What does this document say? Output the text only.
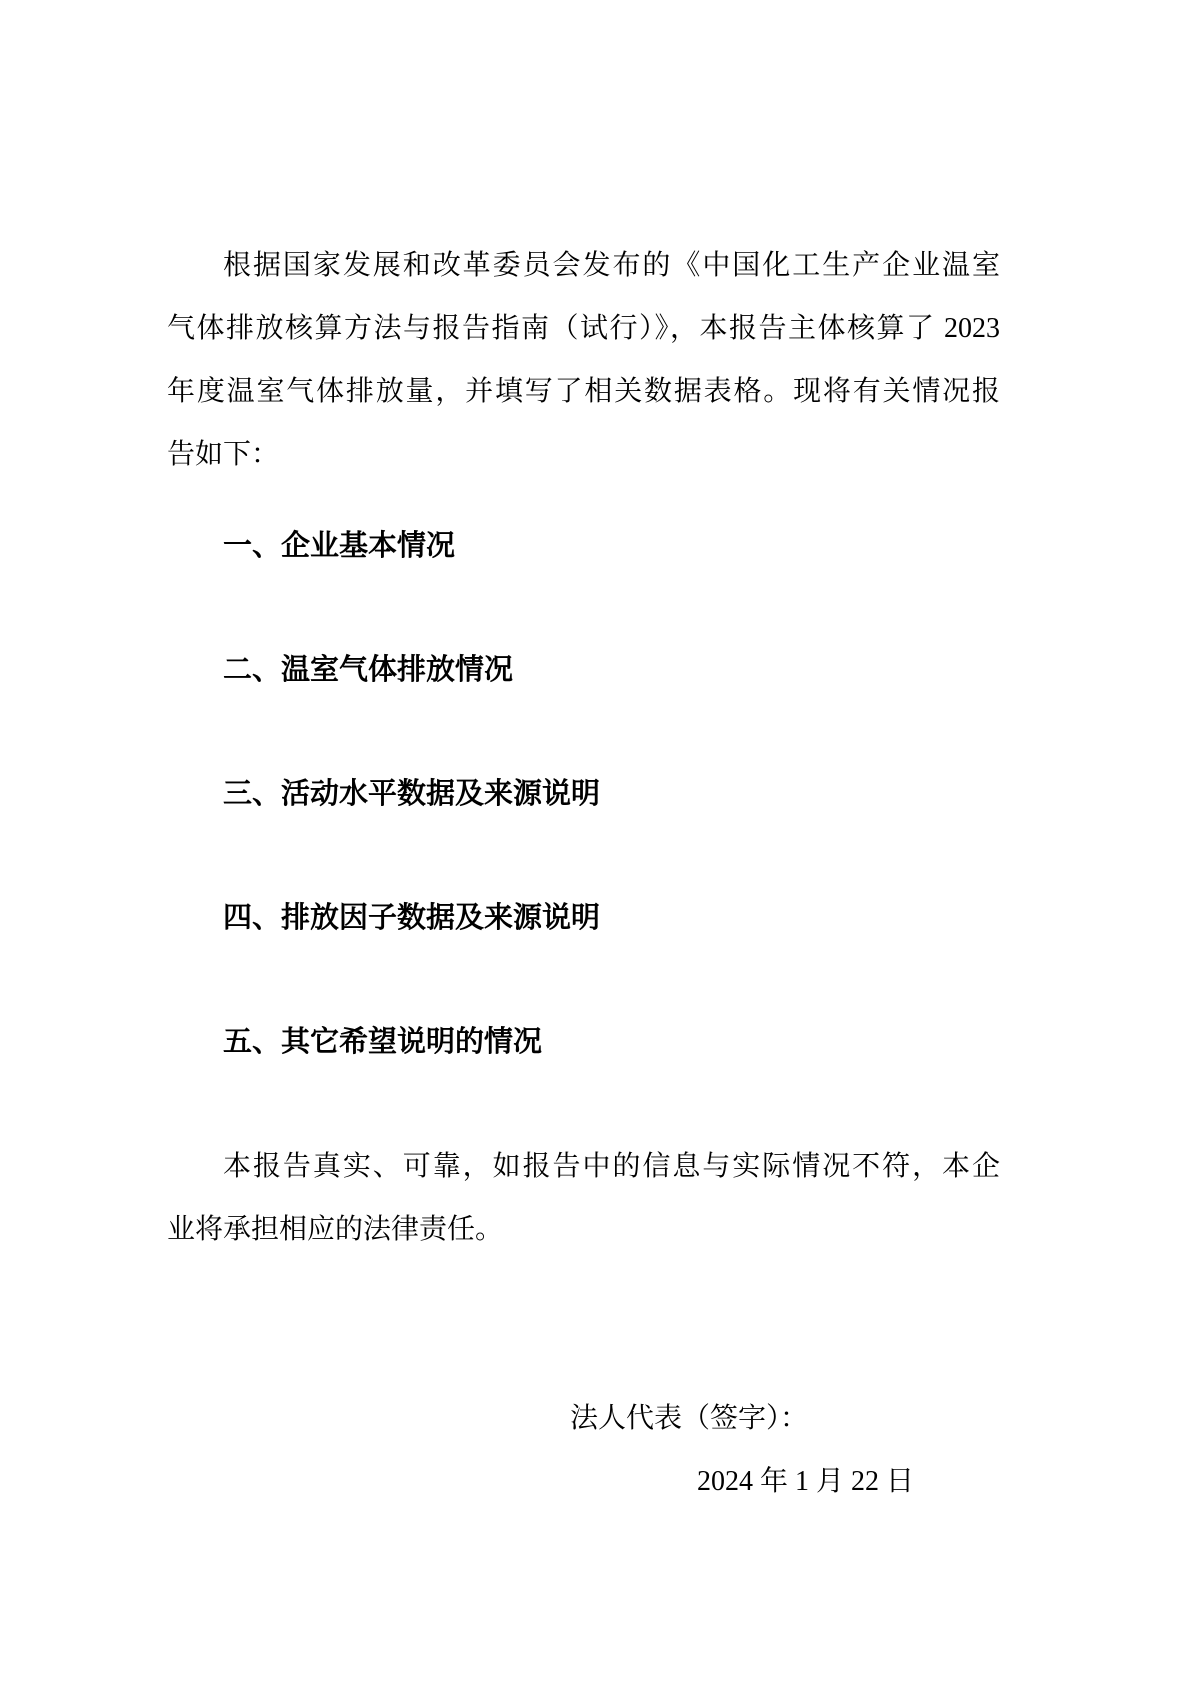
根据国家发展和改革委员会发布的《中国化工生产企业温室
气体排放核算方法与报告指南（试行）》，本报告主体核算了 2023
年度温室气体排放量，并填写了相关数据表格。现将有关情况报
告如下：
一、企业基本情况
二、温室气体排放情况
三、活动水平数据及来源说明
四、排放因子数据及来源说明
五、其它希望说明的情况
本报告真实、可靠，如报告中的信息与实际情况不符，本企
业将承担相应的法律责任。
法人代表（签字）：
2024 年 1 月 22 日
